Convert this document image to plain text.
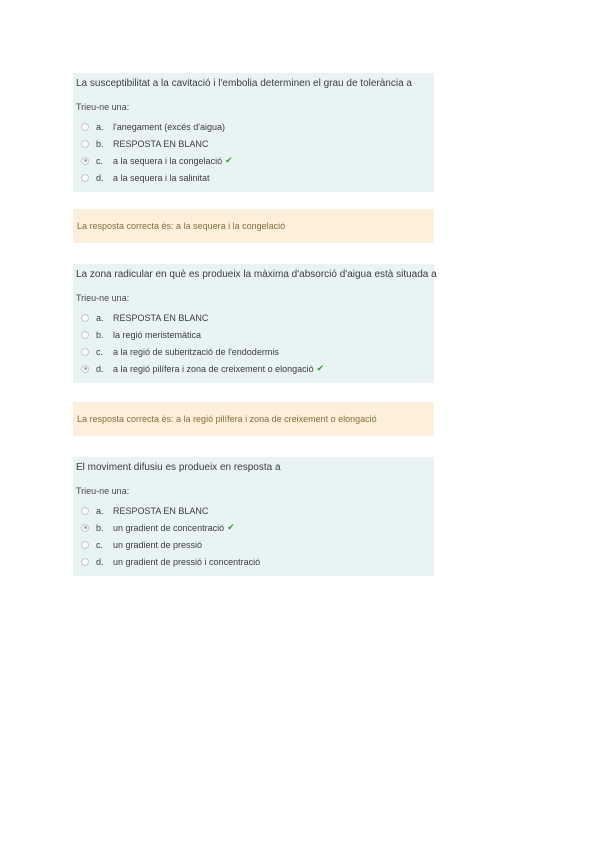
La susceptibilitat a la cavitació i l'embolia determinen el grau de tolerància a
Trieu-ne una:
a.	l'anegament (excés d'aigua)
b.	RESPOSTA EN BLANC
c.	a la sequera i la congelació ✔
d.	a la sequera i la salinitat
La resposta correcta és: a la sequera i la congelació
La zona radicular en què es produeix la màxima d'absorció d'aigua està situada a
Trieu-ne una:
a.	RESPOSTA EN BLANC
b.	la regió meristemàtica
c.	a la regió de suberització de l'endodermis
d.	a la regió pilífera i zona de creixement o elongació ✔
La resposta correcta és: a la regió pilífera i zona de creixement o elongació
El moviment difusiu es produeix en resposta a
Trieu-ne una:
a.	RESPOSTA EN BLANC
b.	un gradient de concentració ✔
c.	un gradient de pressió
d.	un gradient de pressió i concentració
